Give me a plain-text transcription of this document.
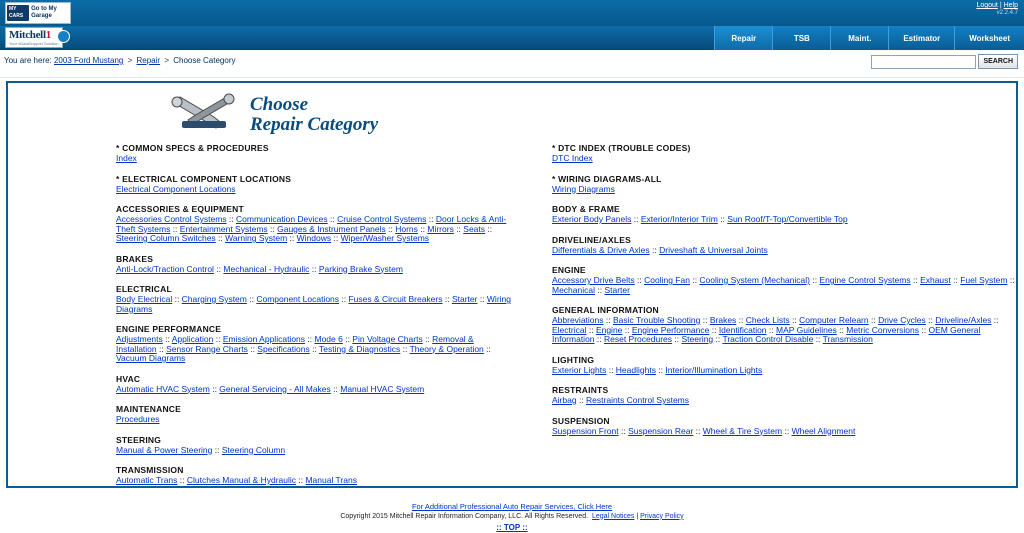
MY CARS
Go to My Garage
Logout | Help
v2.2.4.7
Mitchell1
Your eDataSupport Solution
Repair	TSB	Maint.	Estimator	Worksheet
You are here: 2003 Ford Mustang > Repair > Choose Category	SEARCH
Choose
Repair Category
* COMMON SPECS & PROCEDURES
Index
* ELECTRICAL COMPONENT LOCATIONS
Electrical Component Locations
ACCESSORIES & EQUIPMENT
Accessories Control Systems :: Communication Devices :: Cruise Control Systems :: Door Locks & Anti-Theft Systems :: Entertainment Systems :: Gauges & Instrument Panels :: Horns :: Mirrors :: Seats :: Steering Column Switches :: Warning System :: Windows :: Wiper/Washer Systems
BRAKES
Anti-Lock/Traction Control :: Mechanical - Hydraulic :: Parking Brake System
ELECTRICAL
Body Electrical :: Charging System :: Component Locations :: Fuses & Circuit Breakers :: Starter :: Wiring Diagrams
ENGINE PERFORMANCE
Adjustments :: Application :: Emission Applications :: Mode 6 :: Pin Voltage Charts :: Removal & Installation :: Sensor Range Charts :: Specifications :: Testing & Diagnostics :: Theory & Operation :: Vacuum Diagrams
HVAC
Automatic HVAC System :: General Servicing - All Makes :: Manual HVAC System
MAINTENANCE
Procedures
STEERING
Manual & Power Steering :: Steering Column
TRANSMISSION
Automatic Trans :: Clutches Manual & Hydraulic :: Manual Trans
* DTC INDEX (TROUBLE CODES)
DTC Index
* WIRING DIAGRAMS-ALL
Wiring Diagrams
BODY & FRAME
Exterior Body Panels :: Exterior/Interior Trim :: Sun Roof/T-Top/Convertible Top
DRIVELINE/AXLES
Differentials & Drive Axles :: Driveshaft & Universal Joints
ENGINE
Accessory Drive Belts :: Cooling Fan :: Cooling System (Mechanical) :: Engine Control Systems :: Exhaust :: Fuel System :: Mechanical :: Starter
GENERAL INFORMATION
Abbreviations :: Basic Trouble Shooting :: Brakes :: Check Lists :: Computer Relearn :: Drive Cycles :: Driveline/Axles :: Electrical :: Engine :: Engine Performance :: Identification :: MAP Guidelines :: Metric Conversions :: OEM General Information :: Reset Procedures :: Steering :: Traction Control Disable :: Transmission
LIGHTING
Exterior Lights :: Headlights :: Interior/Illumination Lights
RESTRAINTS
Airbag :: Restraints Control Systems
SUSPENSION
Suspension Front :: Suspension Rear :: Wheel & Tire System :: Wheel Alignment
For Additional Professional Auto Repair Services, Click Here
Copyright 2015 Mitchell Repair Information Company, LLC. All Rights Reserved. Legal Notices | Privacy Policy
:: TOP ::
